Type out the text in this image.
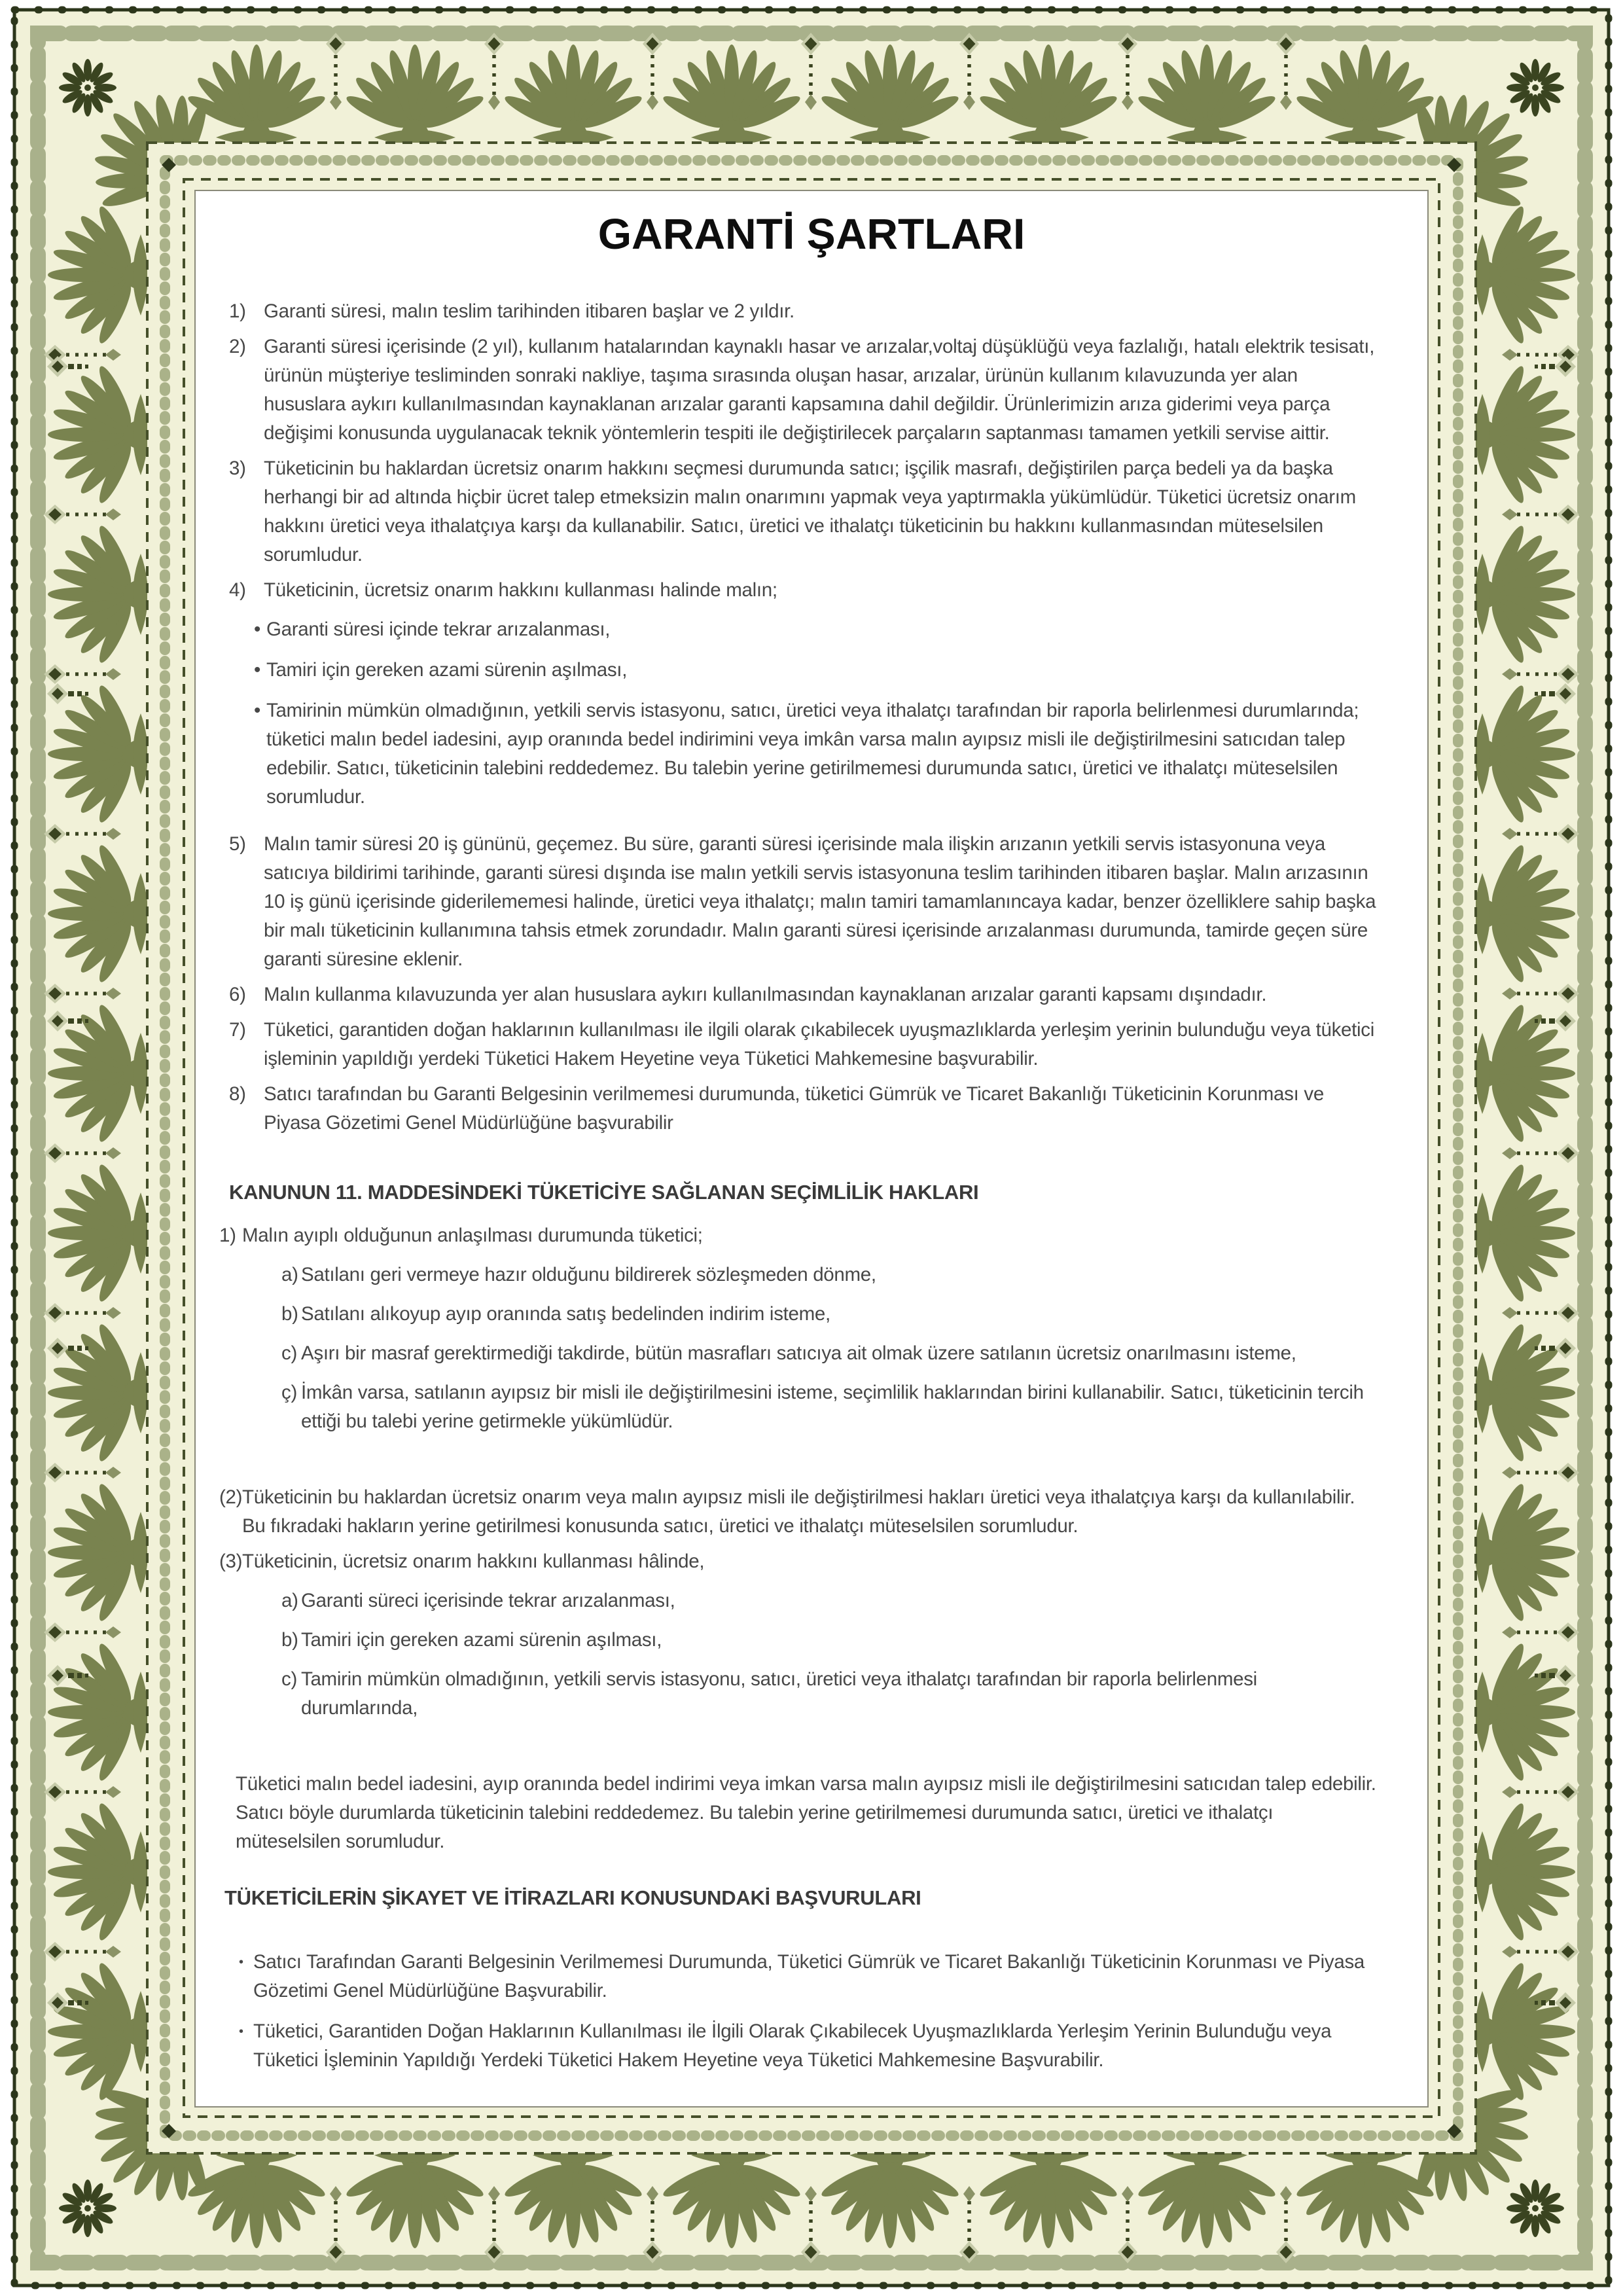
GARANTİ ŞARTLARI
1) Garanti süresi, malın teslim tarihinden itibaren başlar ve 2 yıldır.
2) Garanti süresi içerisinde (2 yıl), kullanım hatalarından kaynaklı hasar ve arızalar,voltaj düşüklüğü veya fazlalığı, hatalı elektrik tesisatı, ürünün müşteriye tesliminden sonraki nakliye, taşıma sırasında oluşan hasar, arızalar, ürünün kullanım kılavuzunda yer alan hususlara aykırı kullanılmasından kaynaklanan arızalar garanti kapsamına dahil değildir. Ürünlerimizin arıza giderimi veya parça değişimi konusunda uygulanacak teknik yöntemlerin tespiti ile değiştirilecek parçaların saptanması tamamen yetkili servise aittir.
3) Tüketicinin bu haklardan ücretsiz onarım hakkını seçmesi durumunda satıcı; işçilik masrafı, değiştirilen parça bedeli ya da başka herhangi bir ad altında hiçbir ücret talep etmeksizin malın onarımını yapmak veya yaptırmakla yükümlüdür. Tüketici ücretsiz onarım hakkını üretici veya ithalatçıya karşı da kullanabilir. Satıcı, üretici ve ithalatçı tüketicinin bu hakkını kullanmasından müteselsilen sorumludur.
4) Tüketicinin, ücretsiz onarım hakkını kullanması halinde malın;
• Garanti süresi içinde tekrar arızalanması,
• Tamiri için gereken azami sürenin aşılması,
• Tamirinin mümkün olmadığının, yetkili servis istasyonu, satıcı, üretici veya ithalatçı tarafından bir raporla belirlenmesi durumlarında; tüketici malın bedel iadesini, ayıp oranında bedel indirimini veya imkân varsa malın ayıpsız misli ile değiştirilmesini satıcıdan talep edebilir. Satıcı, tüketicinin talebini reddedemez. Bu talebin yerine getirilmemesi durumunda satıcı, üretici ve ithalatçı müteselsilen sorumludur.
5) Malın tamir süresi 20 iş gününü, geçemez. Bu süre, garanti süresi içerisinde mala ilişkin arızanın yetkili servis istasyonuna veya satıcıya bildirimi tarihinde, garanti süresi dışında ise malın yetkili servis istasyonuna teslim tarihinden itibaren başlar. Malın arızasının 10 iş günü içerisinde giderilememesi halinde, üretici veya ithalatçı; malın tamiri tamamlanıncaya kadar, benzer özelliklere sahip başka bir malı tüketicinin kullanımına tahsis etmek zorundadır. Malın garanti süresi içerisinde arızalanması durumunda, tamirde geçen süre garanti süresine eklenir.
6) Malın kullanma kılavuzunda yer alan hususlara aykırı kullanılmasından kaynaklanan arızalar garanti kapsamı dışındadır.
7) Tüketici, garantiden doğan haklarının kullanılması ile ilgili olarak çıkabilecek uyuşmazlıklarda yerleşim yerinin bulunduğu veya tüketici işleminin yapıldığı yerdeki Tüketici Hakem Heyetine veya Tüketici Mahkemesine başvurabilir.
8) Satıcı tarafından bu Garanti Belgesinin verilmemesi durumunda, tüketici Gümrük ve Ticaret Bakanlığı Tüketicinin Korunması ve Piyasa Gözetimi Genel Müdürlüğüne başvurabilir
KANUNUN 11. MADDESİNDEKİ TÜKETİCİYE SAĞLANAN SEÇİMLİLİK HAKLARI
1) Malın ayıplı olduğunun anlaşılması durumunda tüketici;
a) Satılanı geri vermeye hazır olduğunu bildirerek sözleşmeden dönme,
b) Satılanı alıkoyup ayıp oranında satış bedelinden indirim isteme,
c) Aşırı bir masraf gerektirmediği takdirde, bütün masrafları satıcıya ait olmak üzere satılanın ücretsiz onarılmasını isteme,
ç) İmkân varsa, satılanın ayıpsız bir misli ile değiştirilmesini isteme, seçimlilik haklarından birini kullanabilir. Satıcı, tüketicinin tercih ettiği bu talebi yerine getirmekle yükümlüdür.
(2) Tüketicinin bu haklardan ücretsiz onarım veya malın ayıpsız misli ile değiştirilmesi hakları üretici veya ithalatçıya karşı da kullanılabilir. Bu fıkradaki hakların yerine getirilmesi konusunda satıcı, üretici ve ithalatçı müteselsilen sorumludur.
(3) Tüketicinin, ücretsiz onarım hakkını kullanması hâlinde,
a) Garanti süreci içerisinde tekrar arızalanması,
b) Tamiri için gereken azami sürenin aşılması,
c) Tamirin mümkün olmadığının, yetkili servis istasyonu, satıcı, üretici veya ithalatçı tarafından bir raporla belirlenmesi durumlarında,

Tüketici malın bedel iadesini, ayıp oranında bedel indirimi veya imkan varsa malın ayıpsız misli ile değiştirilmesini satıcıdan talep edebilir. Satıcı böyle durumlarda tüketicinin talebini reddedemez. Bu talebin yerine getirilmemesi durumunda satıcı, üretici ve ithalatçı müteselsilen sorumludur.

TÜKETİCİLERİN ŞİKAYET VE İTİRAZLARI KONUSUNDAKİ BAŞVURULARI
• Satıcı Tarafından Garanti Belgesinin Verilmemesi Durumunda, Tüketici Gümrük ve Ticaret Bakanlığı Tüketicinin Korunması ve Piyasa Gözetimi Genel Müdürlüğüne Başvurabilir.
• Tüketici, Garantiden Doğan Haklarının Kullanılması ile İlgili Olarak Çıkabilecek Uyuşmazlıklarda Yerleşim Yerinin Bulunduğu veya Tüketici İşleminin Yapıldığı Yerdeki Tüketici Hakem Heyetine veya Tüketici Mahkemesine Başvurabilir.
